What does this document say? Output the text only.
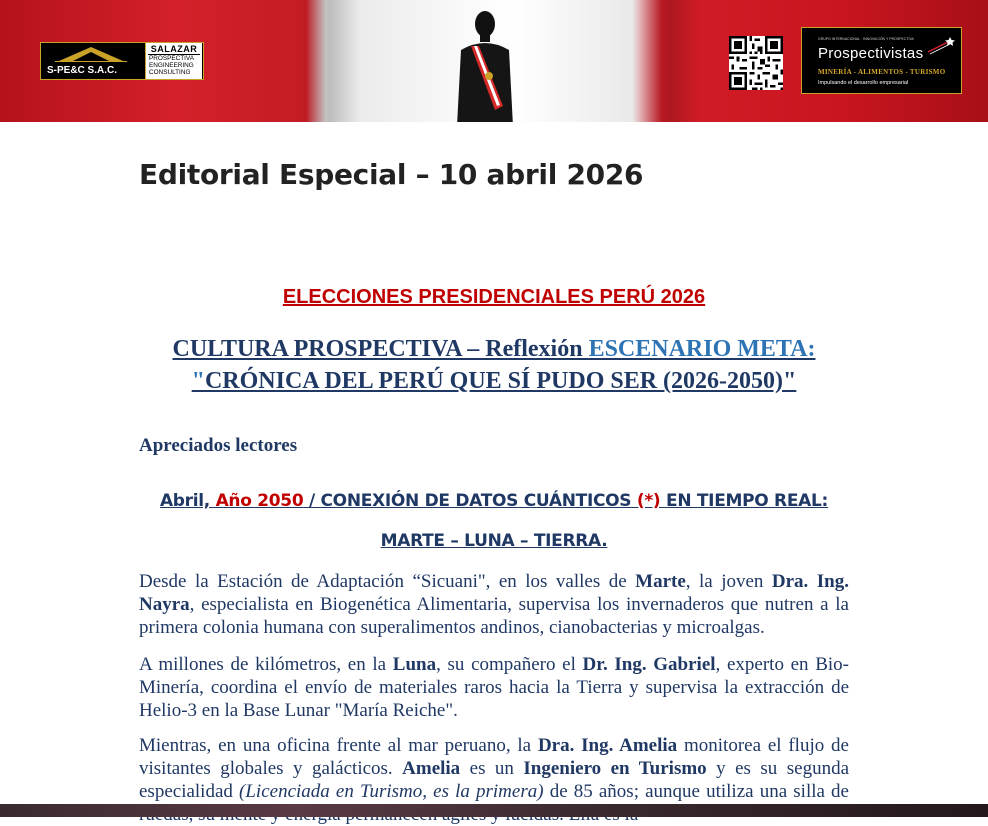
S-PE&C S.A.C.
SALAZAR
PROSPECTIVA
ENGINEERING
CONSULTING
GRUPO INTERNACIONAL · INNOVACIÓN Y PROSPECTIVA
Prospectivistas
MINERÍA - ALIMENTOS - TURISMO
Impulsando el desarrollo empresarial
Editorial Especial – 10 abril 2026
ELECCIONES PRESIDENCIALES PERÚ 2026
CULTURA PROSPECTIVA – Reflexión ESCENARIO META:
"CRÓNICA DEL PERÚ QUE SÍ PUDO SER (2026-2050)"

Apreciados lectores

Abril, Año 2050 / CONEXIÓN DE DATOS CUÁNTICOS (*) EN TIEMPO REAL:
MARTE – LUNA – TIERRA.

Desde la Estación de Adaptación “Sicuani", en los valles de Marte, la joven Dra. Ing. Nayra, especialista en Biogenética Alimentaria, supervisa los invernaderos que nutren a la primera colonia humana con superalimentos andinos, cianobacterias y microalgas.

A millones de kilómetros, en la Luna, su compañero el Dr. Ing. Gabriel, experto en Bio-Minería, coordina el envío de materiales raros hacia la Tierra y supervisa la extracción de Helio-3 en la Base Lunar "María Reiche".

Mientras, en una oficina frente al mar peruano, la Dra. Ing. Amelia monitorea el flujo de visitantes globales y galácticos. Amelia es un Ingeniero en Turismo y es su segunda especialidad (Licenciada en Turismo, es la primera) de 85 años; aunque utiliza una silla de
